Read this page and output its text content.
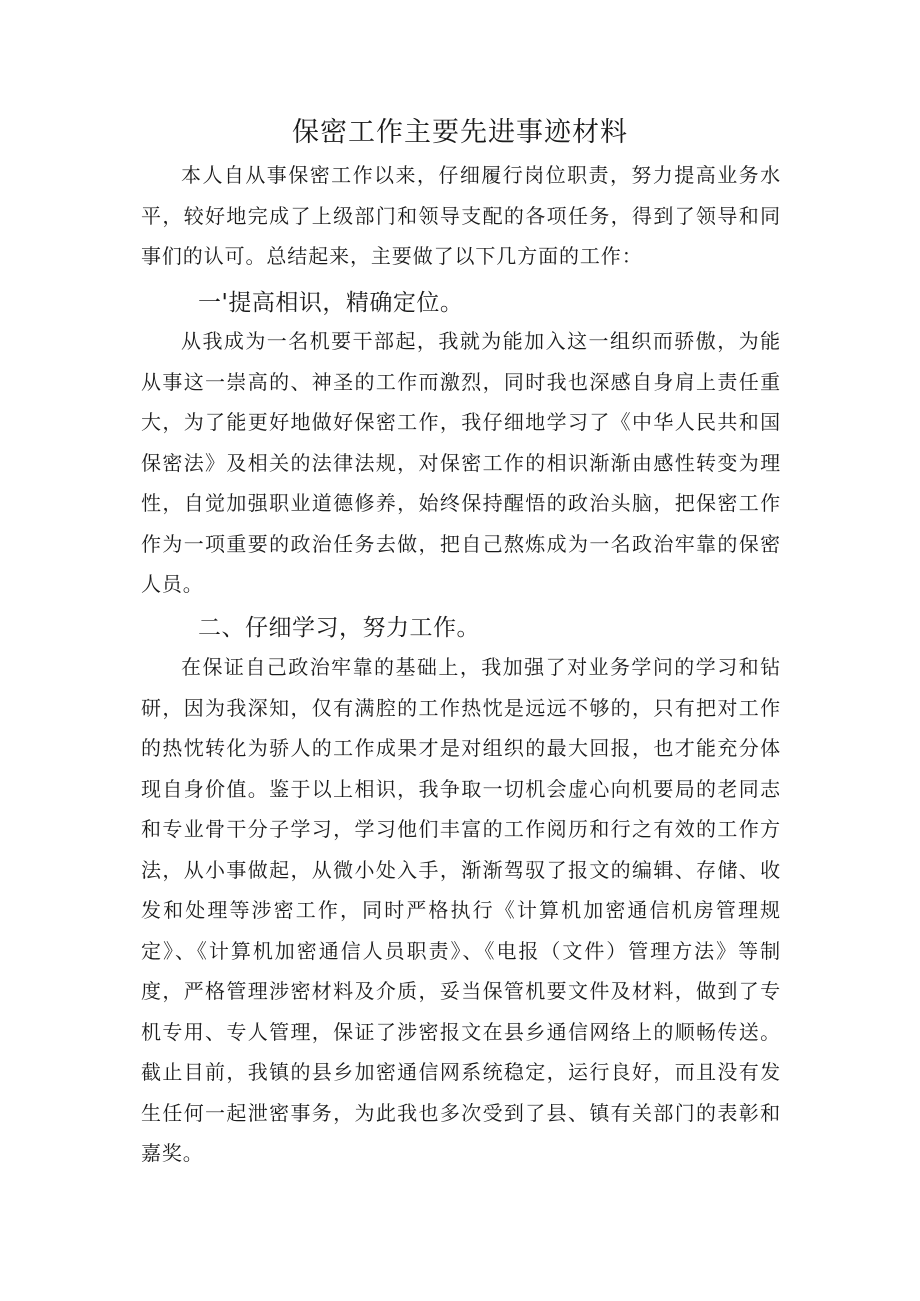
保密工作主要先进事迹材料

本人自从事保密工作以来，仔细履行岗位职责，努力提高业务水平，较好地完成了上级部门和领导支配的各项任务，得到了领导和同事们的认可。总结起来，主要做了以下几方面的工作：

一'提高相识，精确定位。

从我成为一名机要干部起，我就为能加入这一组织而骄傲，为能从事这一崇高的、神圣的工作而激烈，同时我也深感自身肩上责任重大，为了能更好地做好保密工作，我仔细地学习了《中华人民共和国保密法》及相关的法律法规，对保密工作的相识渐渐由感性转变为理性，自觉加强职业道德修养，始终保持醒悟的政治头脑，把保密工作作为一项重要的政治任务去做，把自己熬炼成为一名政治牢靠的保密人员。

二、仔细学习，努力工作。

在保证自己政治牢靠的基础上，我加强了对业务学问的学习和钻研，因为我深知，仅有满腔的工作热忱是远远不够的，只有把对工作的热忱转化为骄人的工作成果才是对组织的最大回报，也才能充分体现自身价值。鉴于以上相识，我争取一切机会虚心向机要局的老同志和专业骨干分子学习，学习他们丰富的工作阅历和行之有效的工作方法，从小事做起，从微小处入手，渐渐驾驭了报文的编辑、存储、收发和处理等涉密工作，同时严格执行《计算机加密通信机房管理规定》、《计算机加密通信人员职责》、《电报（文件）管理方法》等制度，严格管理涉密材料及介质，妥当保管机要文件及材料，做到了专机专用、专人管理，保证了涉密报文在县乡通信网络上的顺畅传送。截止目前，我镇的县乡加密通信网系统稳定，运行良好，而且没有发生任何一起泄密事务，为此我也多次受到了县、镇有关部门的表彰和嘉奖。
